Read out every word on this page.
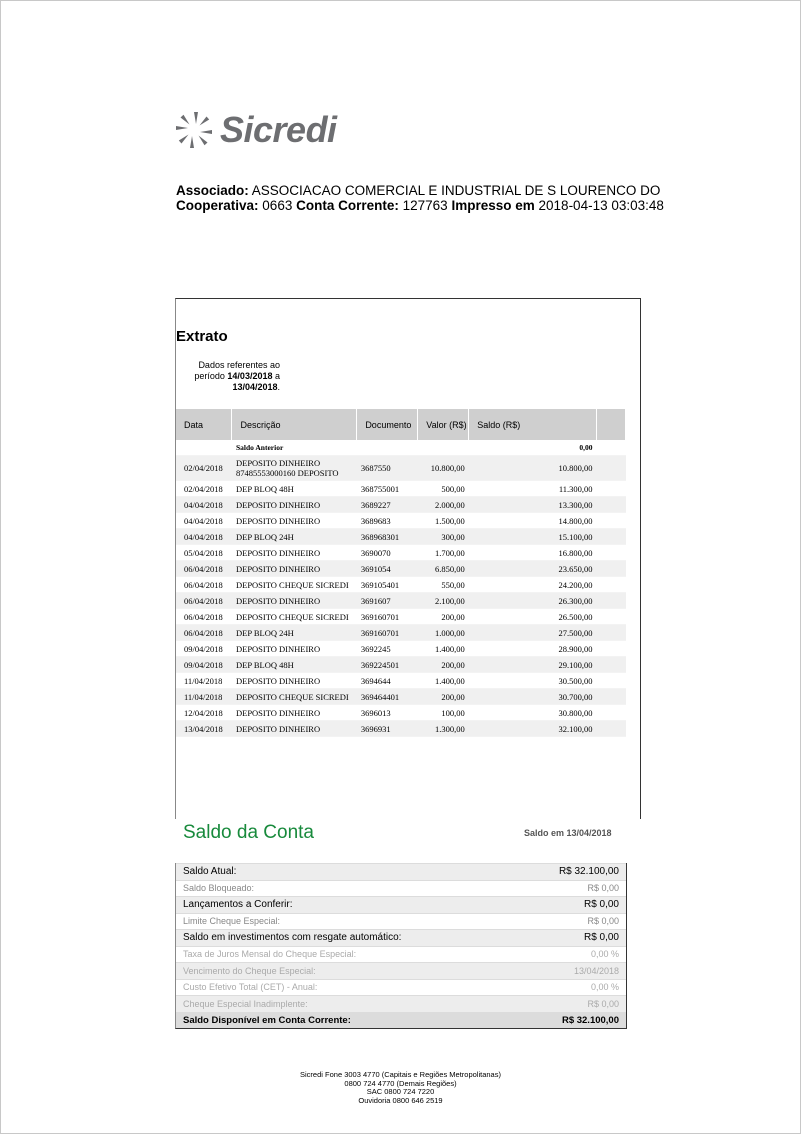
Sicredi
Associado: ASSOCIACAO COMERCIAL E INDUSTRIAL DE S LOURENCO DO
Cooperativa: 0663 Conta Corrente: 127763 Impresso em 2018-04-13 03:03:48
Extrato
Dados referentes ao
período 14/03/2018 a
13/04/2018.
Data	Descrição	Documento	Valor (R$)	Saldo (R$)	
	Saldo Anterior			0,00	
02/04/2018	DEPOSITO DINHEIRO 87485553000160 DEPOSITO	3687550	10.800,00	10.800,00	
02/04/2018	DEP BLOQ 48H	368755001	500,00	11.300,00	
04/04/2018	DEPOSITO DINHEIRO	3689227	2.000,00	13.300,00	
04/04/2018	DEPOSITO DINHEIRO	3689683	1.500,00	14.800,00	
04/04/2018	DEP BLOQ 24H	368968301	300,00	15.100,00	
05/04/2018	DEPOSITO DINHEIRO	3690070	1.700,00	16.800,00	
06/04/2018	DEPOSITO DINHEIRO	3691054	6.850,00	23.650,00	
06/04/2018	DEPOSITO CHEQUE SICREDI	369105401	550,00	24.200,00	
06/04/2018	DEPOSITO DINHEIRO	3691607	2.100,00	26.300,00	
06/04/2018	DEPOSITO CHEQUE SICREDI	369160701	200,00	26.500,00	
06/04/2018	DEP BLOQ 24H	369160701	1.000,00	27.500,00	
09/04/2018	DEPOSITO DINHEIRO	3692245	1.400,00	28.900,00	
09/04/2018	DEP BLOQ 48H	369224501	200,00	29.100,00	
11/04/2018	DEPOSITO DINHEIRO	3694644	1.400,00	30.500,00	
11/04/2018	DEPOSITO CHEQUE SICREDI	369464401	200,00	30.700,00	
12/04/2018	DEPOSITO DINHEIRO	3696013	100,00	30.800,00	
13/04/2018	DEPOSITO DINHEIRO	3696931	1.300,00	32.100,00	
Saldo da Conta	Saldo em 13/04/2018
Saldo Atual:	R$ 32.100,00
Saldo Bloqueado:	R$ 0,00
Lançamentos a Conferir:	R$ 0,00
Limite Cheque Especial:	R$ 0,00
Saldo em investimentos com resgate automático:	R$ 0,00
Taxa de Juros Mensal do Cheque Especial:	0,00 %
Vencimento do Cheque Especial:	13/04/2018
Custo Efetivo Total (CET) - Anual:	0,00 %
Cheque Especial Inadimplente:	R$ 0,00
Saldo Disponível em Conta Corrente:	R$ 32.100,00
Sicredi Fone 3003 4770 (Capitais e Regiões Metropolitanas)
0800 724 4770 (Demais Regiões)
SAC 0800 724 7220
Ouvidoria 0800 646 2519
